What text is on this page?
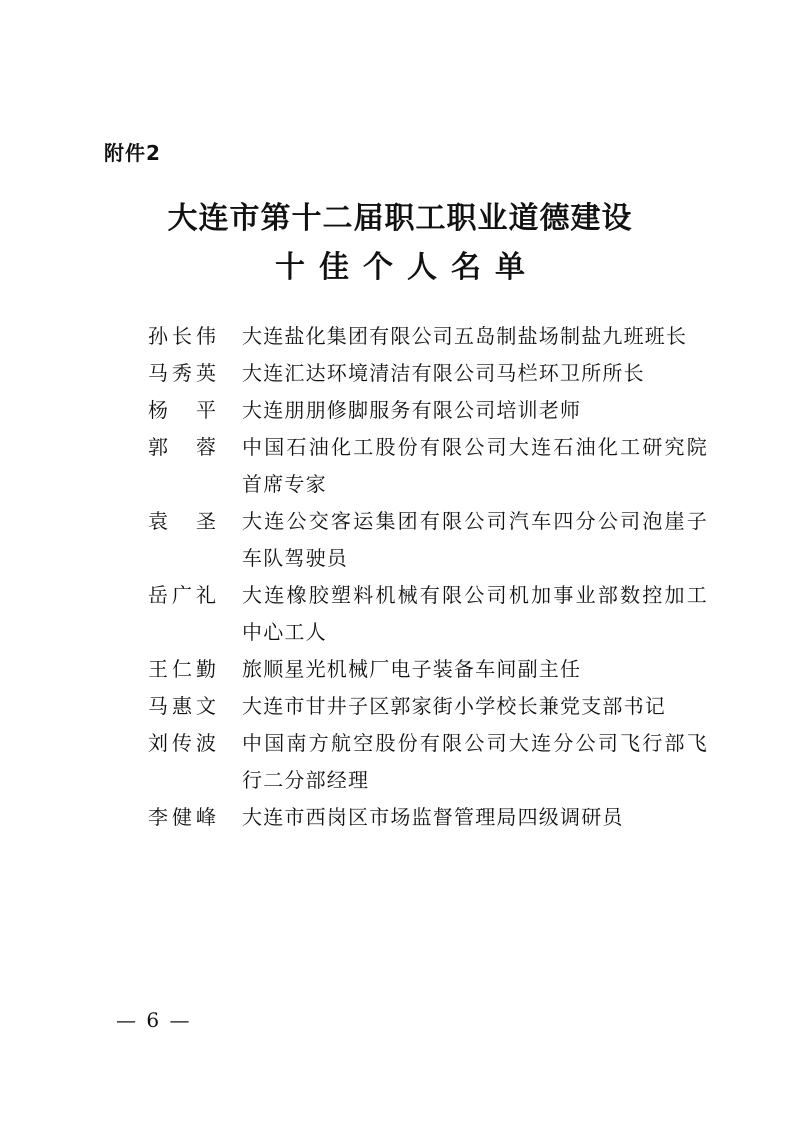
附件2
大连市第十二届职工职业道德建设
十佳个人名单
孙 长 伟 大连盐化集团有限公司五岛制盐场制盐九班班长
马 秀 英 大连汇达环境清洁有限公司马栏环卫所所长
杨 平 大连朋朋修脚服务有限公司培训老师
郭 蓉 中国石油化工股份有限公司大连石油化工研究院首席专家
袁 圣 大连公交客运集团有限公司汽车四分公司泡崖子车队驾驶员
岳 广 礼 大连橡胶塑料机械有限公司机加事业部数控加工中心工人
王 仁 勤 旅顺星光机械厂电子装备车间副主任
马 惠 文 大连市甘井子区郭家街小学校长兼党支部书记
刘 传 波 中国南方航空股份有限公司大连分公司飞行部飞行二分部经理
李 健 峰 大连市西岗区市场监督管理局四级调研员
— 6 —
